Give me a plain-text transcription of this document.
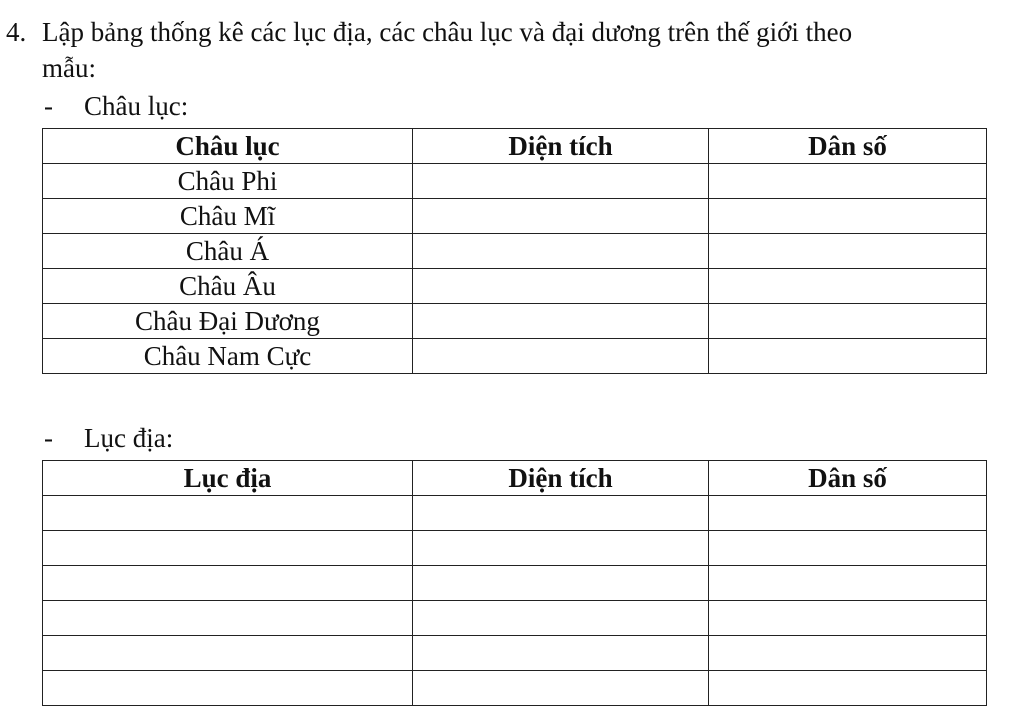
4. Lập bảng thống kê các lục địa, các châu lục và đại dương trên thế giới theo
mẫu:
- Châu lục:
Châu lục	Diện tích	Dân số
Châu Phi		
Châu Mĩ		
Châu Á		
Châu Âu		
Châu Đại Dương		
Châu Nam Cực		
- Lục địa:
Lục địa	Diện tích	Dân số
